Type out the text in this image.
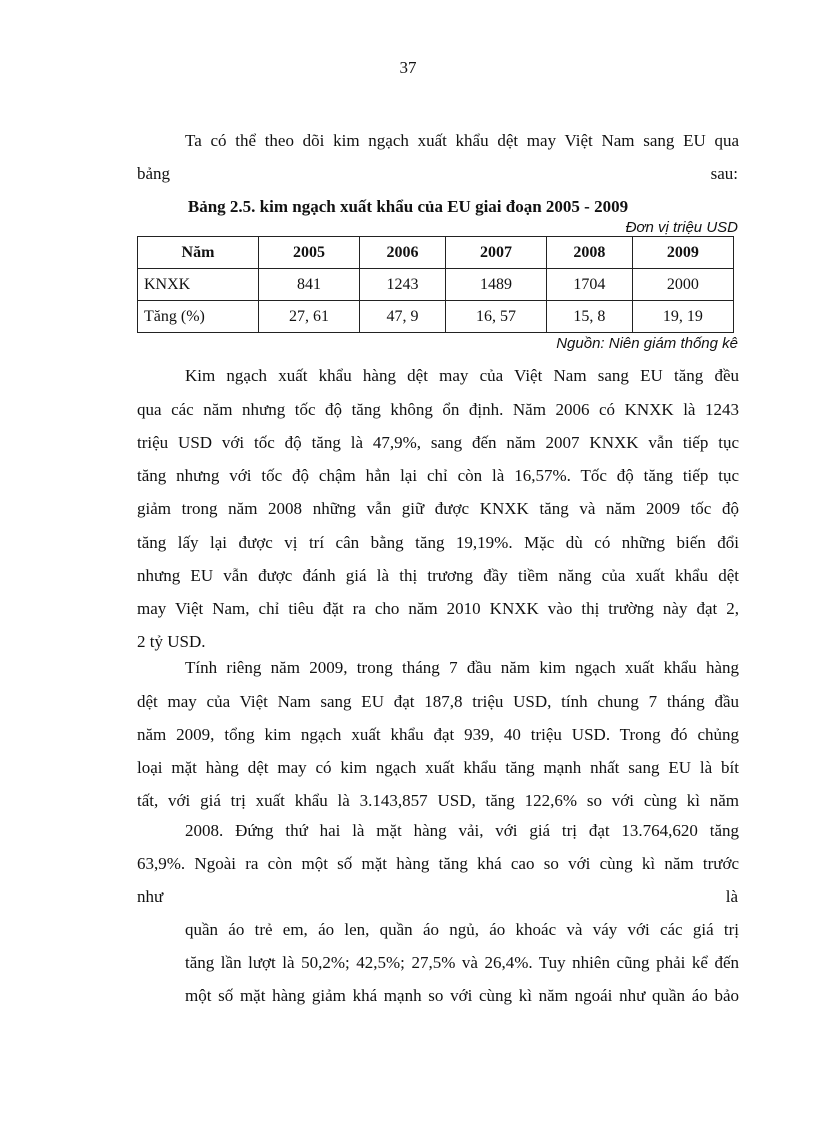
37
Ta có thể theo dõi kim ngạch xuất khẩu dệt may Việt Nam sang EU qua
bảng	sau:
Bảng 2.5. kim ngạch xuất khẩu của EU giai đoạn 2005 - 2009
Đơn vị triệu USD
Năm	2005	2006	2007	2008	2009
KNXK	841	1243	1489	1704	2000
Tăng (%)	27, 61	47, 9	16, 57	15, 8	19, 19
Nguồn: Niên giám thống kê
Kim ngạch xuất khẩu hàng dệt may của Việt Nam sang EU tăng đều
qua các năm nhưng tốc độ tăng không ổn định. Năm 2006 có KNXK là 1243
triệu USD với tốc độ tăng là 47,9%, sang đến năm 2007 KNXK vẫn tiếp tục
tăng nhưng với tốc độ chậm hẳn lại chỉ còn là 16,57%. Tốc độ tăng tiếp tục
giảm trong năm 2008 những vẫn giữ được KNXK tăng và năm 2009 tốc độ
tăng lấy lại được vị trí cân bằng tăng 19,19%. Mặc dù có những biến đổi
nhưng EU vẫn được đánh giá là thị trương đầy tiềm năng của xuất khẩu dệt
may Việt Nam, chỉ tiêu đặt ra cho năm 2010 KNXK vào thị trường này đạt 2,
2 tỷ USD.
Tính riêng năm 2009, trong tháng 7 đầu năm kim ngạch xuất khẩu hàng
dệt may của Việt Nam sang EU đạt 187,8 triệu USD, tính chung 7 tháng đầu
năm 2009, tổng kim ngạch xuất khẩu đạt 939, 40 triệu USD. Trong đó chủng
loại mặt hàng dệt may có kim ngạch xuất khẩu tăng mạnh nhất sang EU là bít
tất, với giá trị xuất khẩu là 3.143,857 USD, tăng 122,6% so với cùng kì năm
2008. Đứng thứ hai là mặt hàng vải, với giá trị đạt 13.764,620 tăng
63,9%. Ngoài ra còn một số mặt hàng tăng khá cao so với cùng kì năm trước
như	là
quần áo trẻ em, áo len, quần áo ngủ, áo khoác và váy với các giá trị
tăng lần lượt là 50,2%; 42,5%; 27,5% và 26,4%. Tuy nhiên cũng phải kể đến
một số mặt hàng giảm khá mạnh so với cùng kì năm ngoái như quần áo bảo
